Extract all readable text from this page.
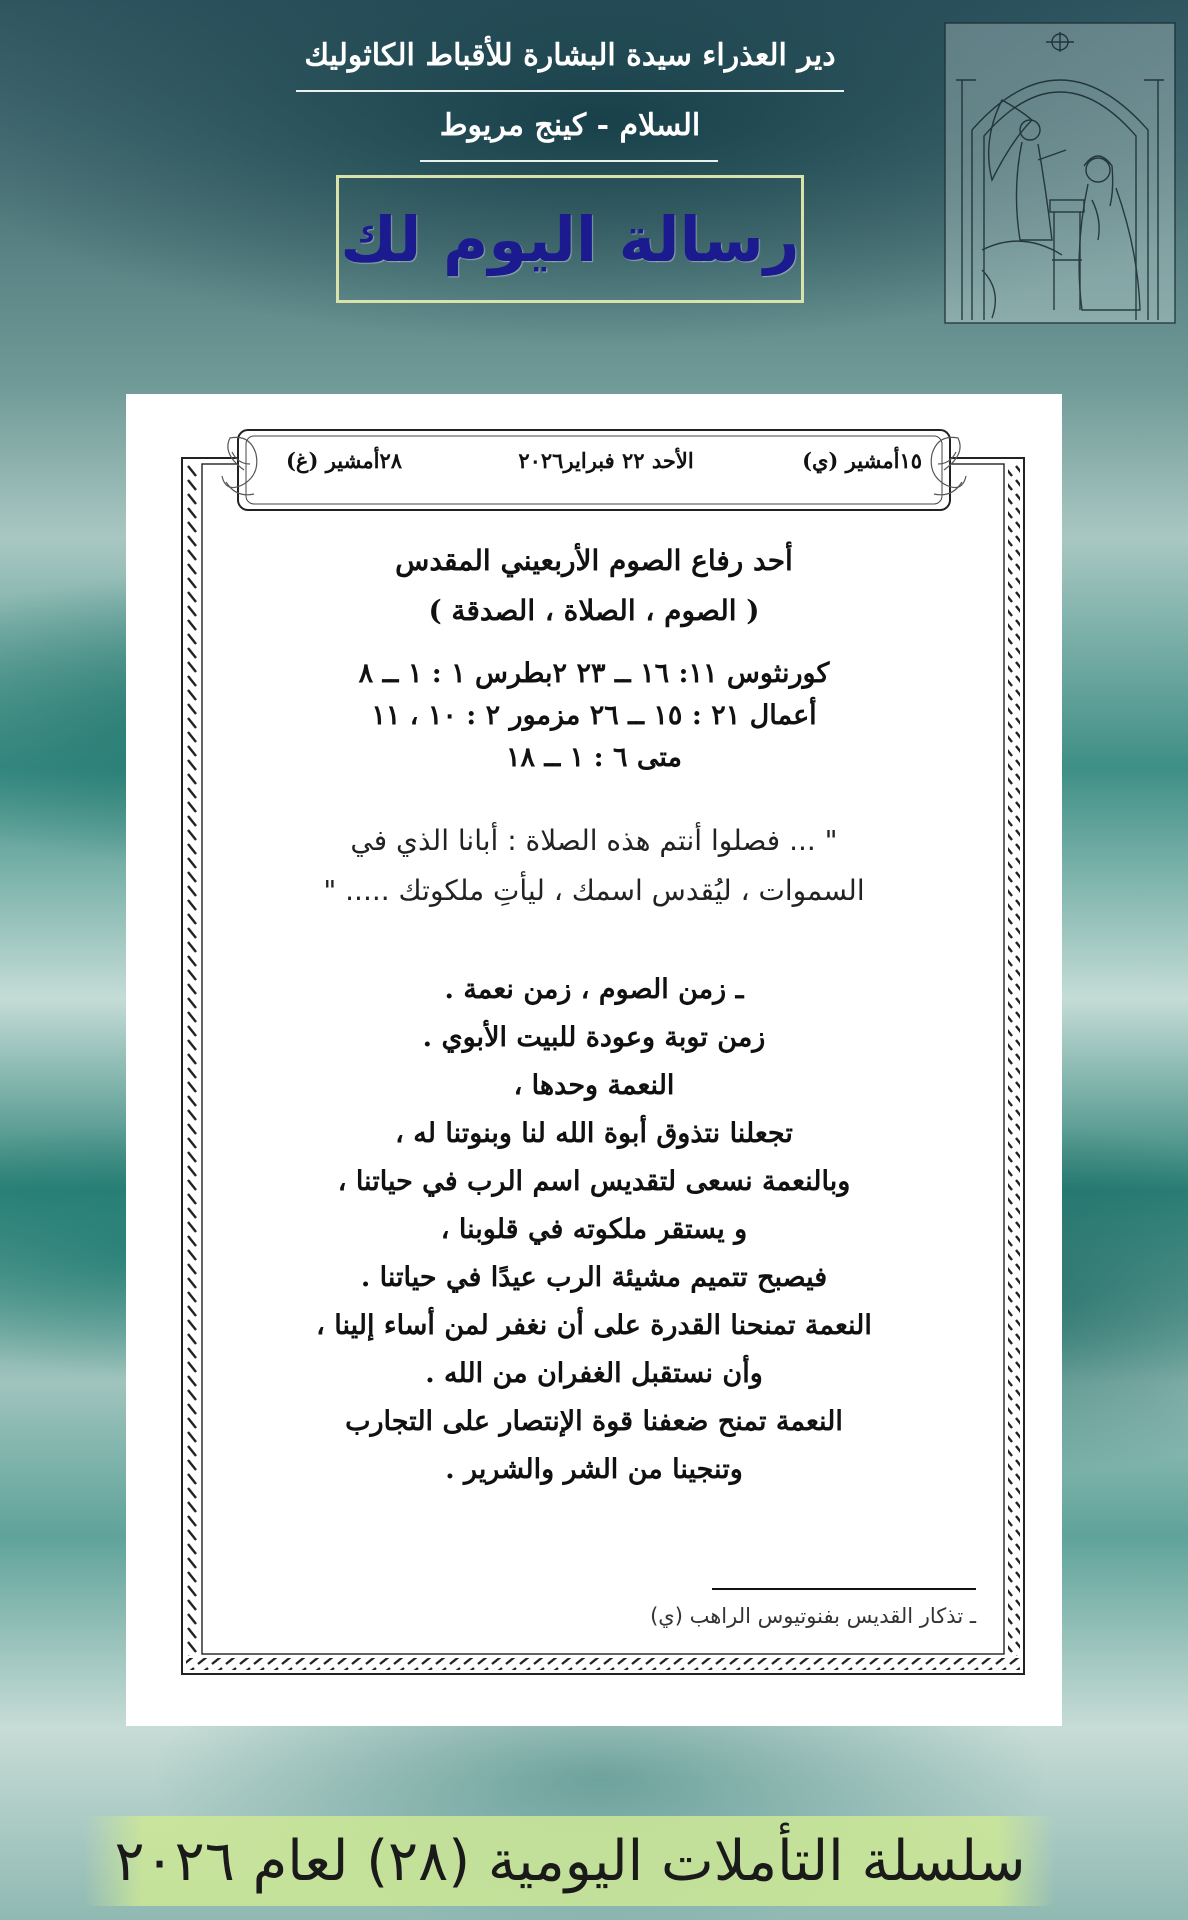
دير العذراء سيدة البشارة للأقباط الكاثوليك
السلام - كينج مريوط
رسالة اليوم لك
١٥أمشير (ي)
الأحد ٢٢ فبراير٢٠٢٦
٢٨أمشير (غ)
أحد رفاع الصوم الأربعيني المقدس
( الصوم ، الصلاة ، الصدقة )
كورنثوس ١١: ١٦ ــ ٢٣ ٢بطرس ١ : ١ ــ ٨
أعمال ٢١ : ١٥ ــ ٢٦ مزمور ٢ : ١٠ ، ١١
متى ٦ : ١ ــ ١٨
" ... فصلوا أنتم هذه الصلاة : أبانا الذي في
السموات ، ليُقدس اسمك ، ليأتِ ملكوتك ..... "
ـ زمن الصوم ، زمن نعمة .
زمن توبة وعودة للبيت الأبوي .
النعمة وحدها ،
تجعلنا نتذوق أبوة الله لنا وبنوتنا له ،
وبالنعمة نسعى لتقديس اسم الرب في حياتنا ،
و يستقر ملكوته في قلوبنا ،
فيصبح تتميم مشيئة الرب عيدًا في حياتنا .
النعمة تمنحنا القدرة على أن نغفر لمن أساء إلينا ،
وأن نستقبل الغفران من الله .
النعمة تمنح ضعفنا قوة الإنتصار على التجارب
وتنجينا من الشر والشرير .
ـ تذكار القديس بفنوتيوس الراهب (ي)
سلسلة التأملات اليومية (٢٨) لعام ٢٠٢٦
